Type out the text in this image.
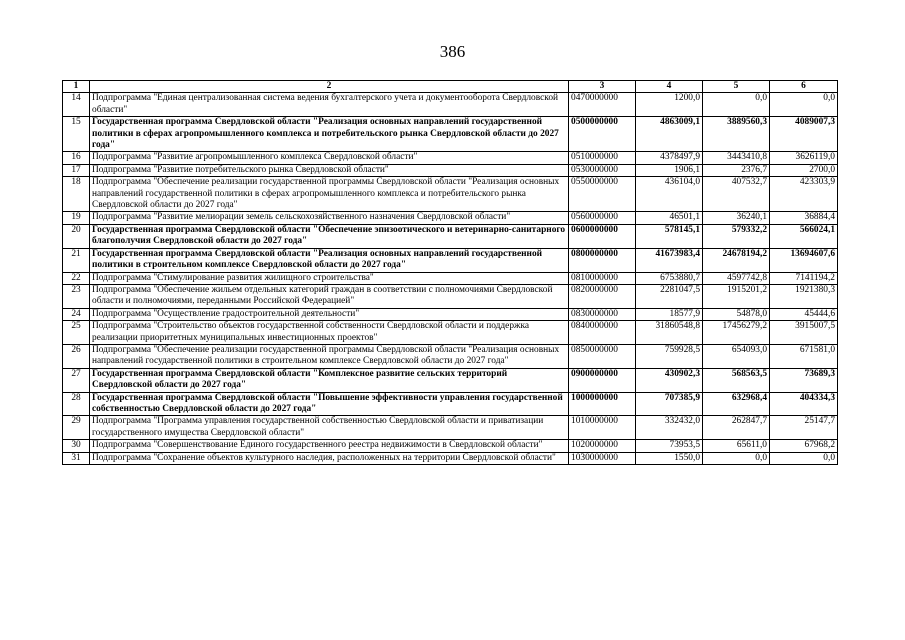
386
1	2	3	4	5	6
14	Подпрограмма "Единая централизованная система ведения бухгалтерского учета и документооборота Свердловской области"	0470000000	1200,0	0,0	0,0
15	Государственная программа Свердловской области "Реализация основных направлений государственной политики в сферах агропромышленного комплекса и потребительского рынка Свердловской области до 2027 года"	0500000000	4863009,1	3889560,3	4089007,3
16	Подпрограмма "Развитие агропромышленного комплекса Свердловской области"	0510000000	4378497,9	3443410,8	3626119,0
17	Подпрограмма "Развитие потребительского рынка Свердловской области"	0530000000	1906,1	2376,7	2700,0
18	Подпрограмма "Обеспечение реализации государственной программы Свердловской области "Реализация основных направлений государственной политики в сферах агропромышленного комплекса и потребительского рынка Свердловской области до 2027 года"	0550000000	436104,0	407532,7	423303,9
19	Подпрограмма "Развитие мелиорации земель сельскохозяйственного назначения Свердловской области"	0560000000	46501,1	36240,1	36884,4
20	Государственная программа Свердловской области "Обеспечение эпизоотического и ветеринарно-санитарного благополучия Свердловской области до 2027 года"	0600000000	578145,1	579332,2	566024,1
21	Государственная программа Свердловской области "Реализация основных направлений государственной политики в строительном комплексе Свердловской области до 2027 года"	0800000000	41673983,4	24678194,2	13694607,6
22	Подпрограмма "Стимулирование развития жилищного строительства"	0810000000	6753880,7	4597742,8	7141194,2
23	Подпрограмма "Обеспечение жильем отдельных категорий граждан в соответствии с полномочиями Свердловской области и полномочиями, переданными Российской Федерацией"	0820000000	2281047,5	1915201,2	1921380,3
24	Подпрограмма "Осуществление градостроительной деятельности"	0830000000	18577,9	54878,0	45444,6
25	Подпрограмма "Строительство объектов государственной собственности Свердловской области и поддержка реализации приоритетных муниципальных инвестиционных проектов"	0840000000	31860548,8	17456279,2	3915007,5
26	Подпрограмма "Обеспечение реализации государственной программы Свердловской области "Реализация основных направлений государственной политики в строительном комплексе Свердловской области до 2027 года"	0850000000	759928,5	654093,0	671581,0
27	Государственная программа Свердловской области "Комплексное развитие сельских территорий Свердловской области до 2027 года"	0900000000	430902,3	568563,5	73689,3
28	Государственная программа Свердловской области "Повышение эффективности управления государственной собственностью Свердловской области до 2027 года"	1000000000	707385,9	632968,4	404334,3
29	Подпрограмма "Программа управления государственной собственностью Свердловской области и приватизации государственного имущества Свердловской области"	1010000000	332432,0	262847,7	25147,7
30	Подпрограмма "Совершенствование Единого государственного реестра недвижимости в Свердловской области"	1020000000	73953,5	65611,0	67968,2
31	Подпрограмма "Сохранение объектов культурного наследия, расположенных на территории Свердловской области"	1030000000	1550,0	0,0	0,0
